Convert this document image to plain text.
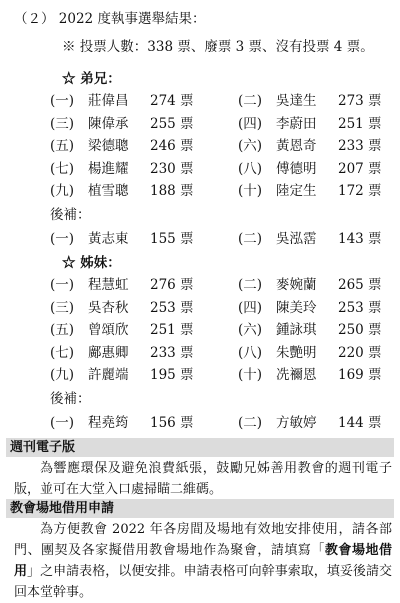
（２） 2022 度執事選舉結果：
※ 投票人數：338 票、廢票 3 票、沒有投票 4 票。
☆ 弟兄：
(一) 莊偉昌 274 票	(二) 吳達生 273 票
(三) 陳偉承 255 票	(四) 李蔚田 251 票
(五) 梁德聰 246 票	(六) 黃恩奇 233 票
(七) 楊進耀 230 票	(八) 傅德明 207 票
(九) 植雪聰 188 票	(十) 陸定生 172 票
後補：
(一) 黃志東 155 票	(二) 吳泓霑 143 票
☆ 姊妹：
(一) 程慧虹 276 票	(二) 麥婉蘭 265 票
(三) 吳杏秋 253 票	(四) 陳美玲 253 票
(五) 曾頌欣 251 票	(六) 鍾詠琪 250 票
(七) 鄺惠卿 233 票	(八) 朱艷明 220 票
(九) 許麗端 195 票	(十) 冼禰恩 169 票
後補：
(一) 程堯筠 156 票	(二) 方敏婷 144 票
週刊電子版
為響應環保及避免浪費紙張，鼓勵兄姊善用教會的週刊電子版，並可在大堂入口處掃瞄二維碼。
教會場地借用申請
為方便教會 2022 年各房間及場地有效地安排使用，請各部門、團契及各家擬借用教會場地作為聚會，請填寫「教會場地借用」之申請表格，以便安排。申請表格可向幹事索取，填妥後請交回本堂幹事。
